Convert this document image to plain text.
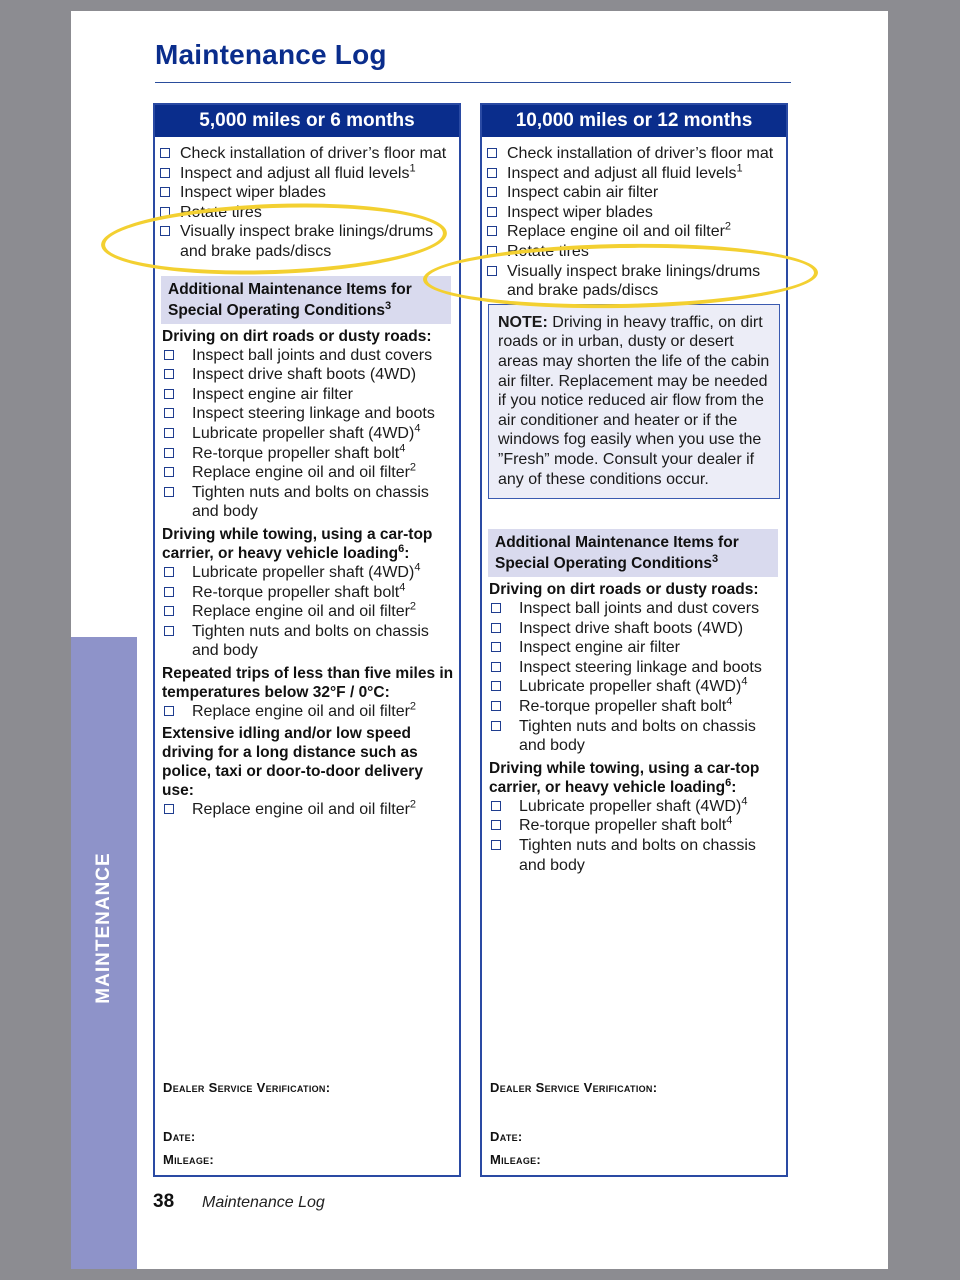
Maintenance Log
MAINTENANCE
5,000 miles or 6 months
Check installation of driver’s floor mat
Inspect and adjust all fluid levels$^1$
Inspect wiper blades
Rotate tires
Visually inspect brake linings/drums and brake pads/discs
Additional Maintenance Items for Special Operating Conditions$^3$
Driving on dirt roads or dusty roads:
Inspect ball joints and dust covers
Inspect drive shaft boots (4WD)
Inspect engine air filter
Inspect steering linkage and boots
Lubricate propeller shaft $(4WD)^4$
Re-torque propeller shaft bolt$^4$
Replace engine oil and oil filter$^2$
Tighten nuts and bolts on chassis and body
Driving while towing, using a car-top carrier, or heavy vehicle loading$^6$:
Lubricate propeller shaft $(4WD)^4$
Re-torque propeller shaft bolt$^4$
Replace engine oil and oil filter$^2$
Tighten nuts and bolts on chassis and body
Repeated trips of less than five miles in temperatures below 32°F / 0°C:
Replace engine oil and oil filter$^2$
Extensive idling and/or low speed driving for a long distance such as police, taxi or door-to-door delivery use:
Replace engine oil and oil filter$^2$
Dealer Service Verification:
Date:
Mileage:
10,000 miles or 12 months
Check installation of driver’s floor mat
Inspect and adjust all fluid levels$^1$
Inspect cabin air filter
Inspect wiper blades
Replace engine oil and oil filter$^2$
Rotate tires
Visually inspect brake linings/drums and brake pads/discs
NOTE: Driving in heavy traffic, on dirt roads or in urban, dusty or desert areas may shorten the life of the cabin air filter. Replacement may be needed if you notice reduced air flow from the air conditioner and heater or if the windows fog easily when you use the ”Fresh” mode. Consult your dealer if any of these conditions occur.
Additional Maintenance Items for Special Operating Conditions$^3$
Driving on dirt roads or dusty roads:
Inspect ball joints and dust covers
Inspect drive shaft boots (4WD)
Inspect engine air filter
Inspect steering linkage and boots
Lubricate propeller shaft $(4WD)^4$
Re-torque propeller shaft bolt$^4$
Tighten nuts and bolts on chassis and body
Driving while towing, using a car-top carrier, or heavy vehicle loading$^6$:
Lubricate propeller shaft $(4WD)^4$
Re-torque propeller shaft bolt$^4$
Tighten nuts and bolts on chassis and body
Dealer Service Verification:
Date:
Mileage:
38 Maintenance Log
